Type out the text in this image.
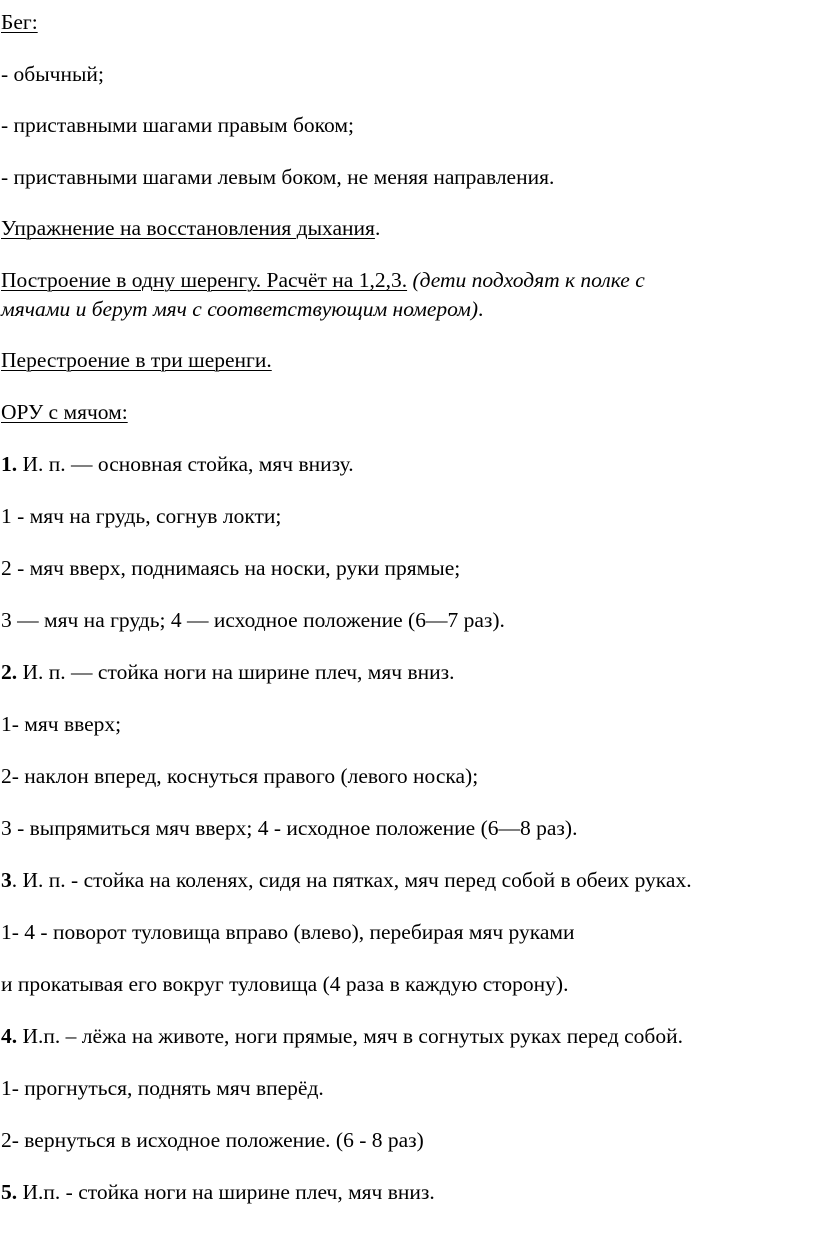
Бег:
- обычный;
- приставными шагами правым боком;
- приставными шагами левым боком, не меняя направления.
Упражнение на восстановления дыхания.
Построение в одну шеренгу. Расчёт на 1,2,3. (дети подходят к полке с
мячами и берут мяч с соответствующим номером).
Перестроение в три шеренги.
ОРУ с мячом:
1. И. п. — основная стойка, мяч внизу.
1 - мяч на грудь, согнув локти;
2 - мяч вверх, поднимаясь на носки, руки прямые;
3 — мяч на грудь; 4 — исходное положение (6—7 раз).
2. И. п. — стойка ноги на ширине плеч, мяч вниз.
1- мяч вверх;
2- наклон вперед, коснуться правого (левого носка);
3 - выпрямиться мяч вверх; 4 - исходное положение (6—8 раз).
3. И. п. - стойка на коленях, сидя на пятках, мяч перед собой в обеих руках.
1- 4 - поворот туловища вправо (влево), перебирая мяч руками
и прокатывая его вокруг туловища (4 раза в каждую сторону).
4. И.п. – лёжа на животе, ноги прямые, мяч в согнутых руках перед собой.
1- прогнуться, поднять мяч вперёд.
2- вернуться в исходное положение. (6 - 8 раз)
5. И.п. - стойка ноги на ширине плеч, мяч вниз.
